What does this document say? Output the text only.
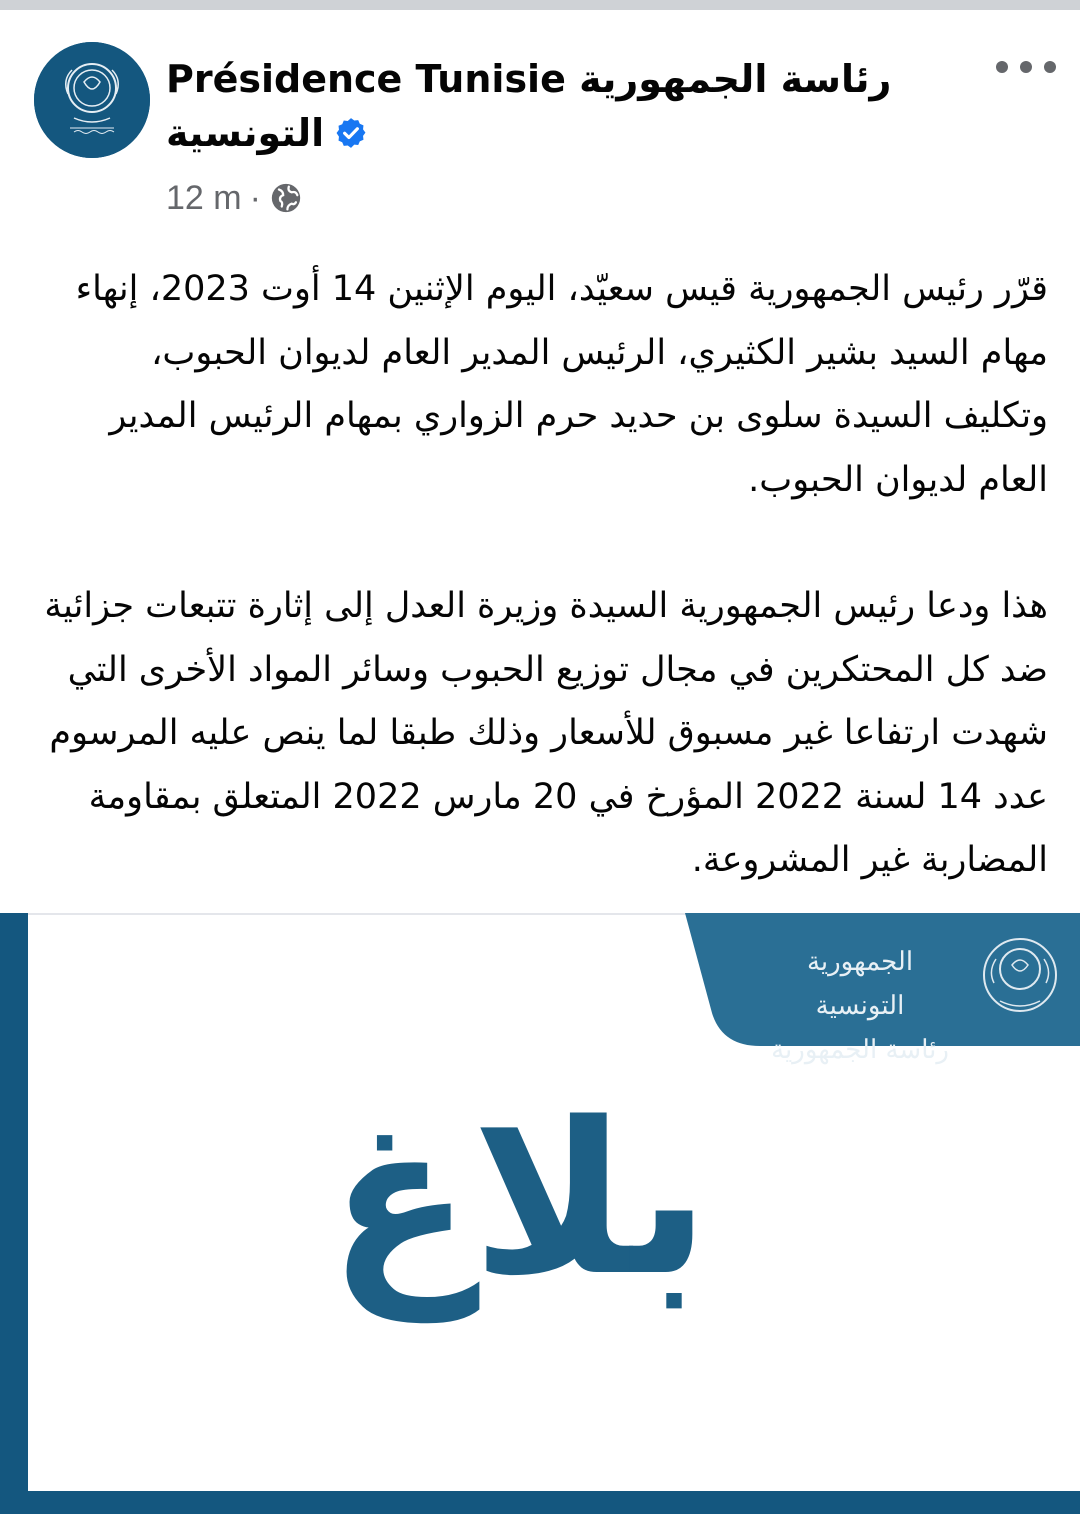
Présidence Tunisie رئاسة الجمهورية
التونسية
12 m ·

قرّر رئيس الجمهورية قيس سعيّد، اليوم الإثنين 14 أوت 2023، إنهاء مهام السيد بشير الكثيري، الرئيس المدير العام لديوان الحبوب، وتكليف السيدة سلوى بن حديد حرم الزواري بمهام الرئيس المدير العام لديوان الحبوب.

هذا ودعا رئيس الجمهورية السيدة وزيرة العدل إلى إثارة تتبعات جزائية ضد كل المحتكرين في مجال توزيع الحبوب وسائر المواد الأخرى التي شهدت ارتفاعا غير مسبوق للأسعار وذلك طبقا لما ينص عليه المرسوم عدد 14 لسنة 2022 المؤرخ في 20 مارس 2022 المتعلق بمقاومة المضاربة غير المشروعة.

الجمهورية التونسية
رئاسة الجمهورية
بلاغ
